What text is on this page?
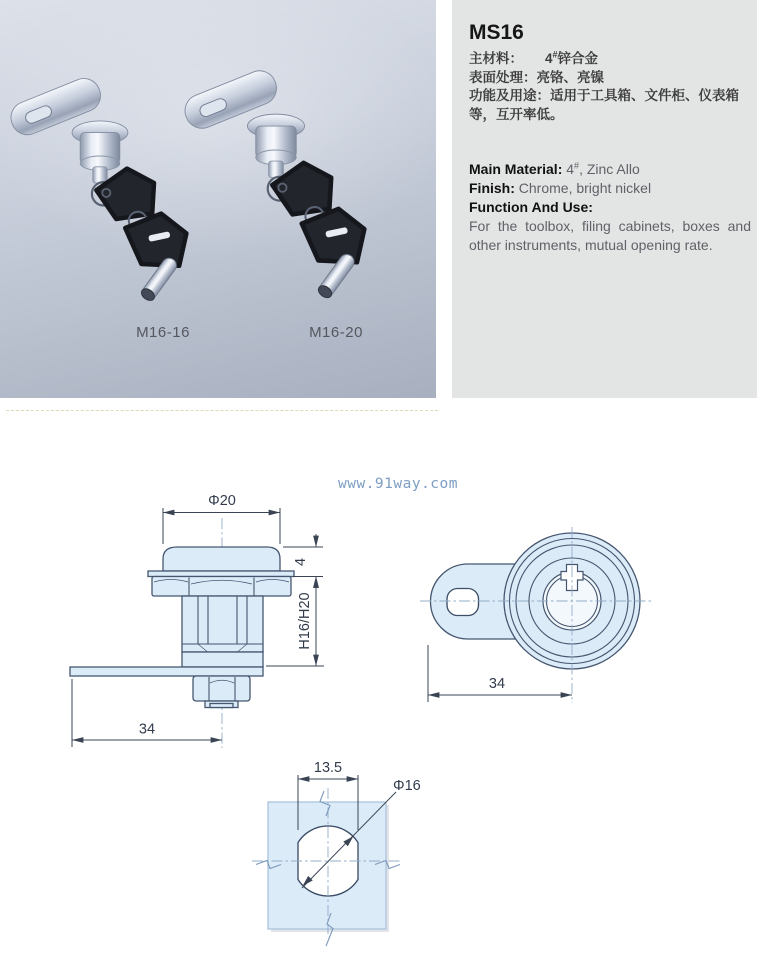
M16-16	M16-20
MS16
主材料： 4#锌合金
表面处理：亮铬、亮镍
功能及用途：适用于工具箱、文件柜、仪表箱等，互开率低。
Main Material: 4#, Zinc Allo
Finish: Chrome, bright nickel
Function And Use:
For the toolbox, filing cabinets, boxes and other instruments, mutual opening rate.
www.91way.com
Φ20
4
H16/H20
34
34
13.5
Φ16
